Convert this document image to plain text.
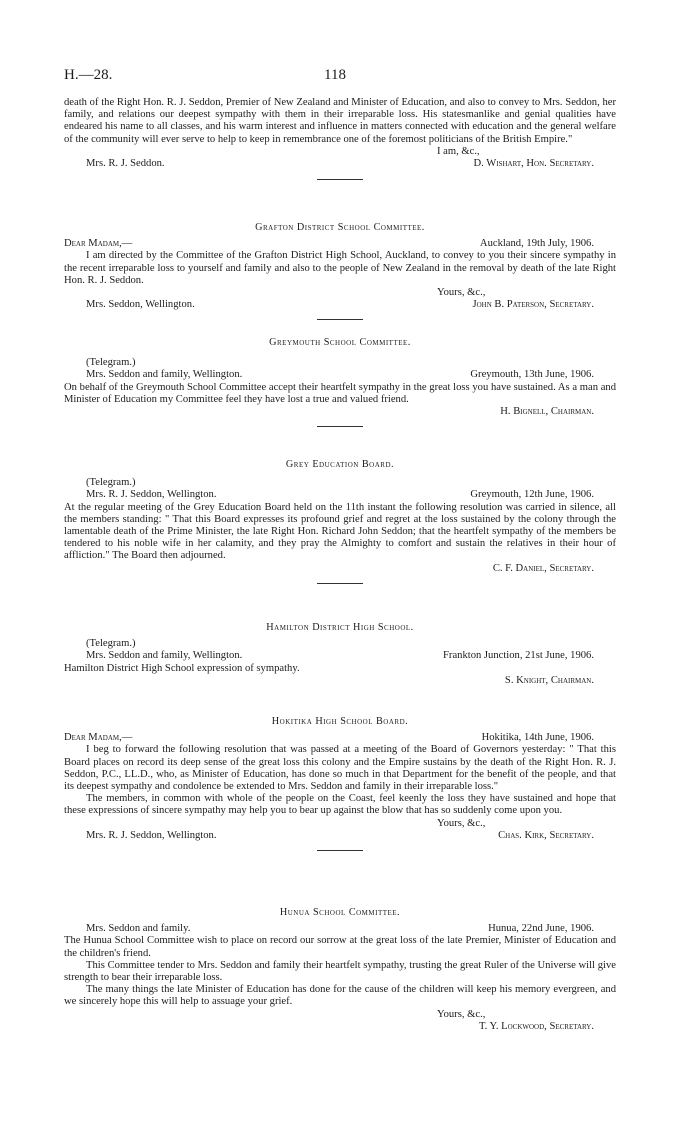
H.—28.	118

death of the Right Hon. R. J. Seddon, Premier of New Zealand and Minister of Education, and also to convey to Mrs. Seddon, her family, and relations our deepest sympathy with them in their irreparable loss. His statesmanlike and genial qualities have endeared his name to all classes, and his warm interest and influence in matters connected with education and the general welfare of the community will ever serve to help to keep in remembrance one of the foremost politicians of the British Empire."

I am, &c.,
Mrs. R. J. Seddon.	D. Wishart, Hon. Secretary.
Grafton District School Committee.
Dear Madam,—	Auckland, 19th July, 1906.

I am directed by the Committee of the Grafton District High School, Auckland, to convey to you their sincere sympathy in the recent irreparable loss to yourself and family and also to the people of New Zealand in the removal by death of the late Right Hon. R. J. Seddon.

Yours, &c.,
Mrs. Seddon, Wellington.	John B. Paterson, Secretary.
Greymouth School Committee.
(Telegram.)
Mrs. Seddon and family, Wellington.	Greymouth, 13th June, 1906.

On behalf of the Greymouth School Committee accept their heartfelt sympathy in the great loss you have sustained. As a man and Minister of Education my Committee feel they have lost a true and valued friend.

H. Bignell, Chairman.
Grey Education Board.
(Telegram.)
Mrs. R. J. Seddon, Wellington.	Greymouth, 12th June, 1906.

At the regular meeting of the Grey Education Board held on the 11th instant the following resolution was carried in silence, all the members standing: " That this Board expresses its profound grief and regret at the loss sustained by the colony through the lamentable death of the Prime Minister, the late Right Hon. Richard John Seddon; that the heartfelt sympathy of the members be tendered to his noble wife in her calamity, and they pray the Almighty to comfort and sustain the relatives in their hour of affliction." The Board then adjourned.

C. F. Daniel, Secretary.
Hamilton District High School.
(Telegram.)
Mrs. Seddon and family, Wellington.	Frankton Junction, 21st June, 1906.

Hamilton District High School expression of sympathy.

S. Knight, Chairman.
Hokitika High School Board.
Dear Madam,—	Hokitika, 14th June, 1906.

I beg to forward the following resolution that was passed at a meeting of the Board of Governors yesterday: " That this Board places on record its deep sense of the great loss this colony and the Empire sustains by the death of the Right Hon. R. J. Seddon, P.C., LL.D., who, as Minister of Education, has done so much in that Department for the benefit of the people, and that its deepest sympathy and condolence be extended to Mrs. Seddon and family in their irreparable loss."

The members, in common with whole of the people on the Coast, feel keenly the loss they have sustained and hope that these expressions of sincere sympathy may help you to bear up against the blow that has so suddenly come upon you.

Yours, &c.,
Mrs. R. J. Seddon, Wellington.	Chas. Kirk, Secretary.
Hunua School Committee.
Mrs. Seddon and family.	Hunua, 22nd June, 1906.

The Hunua School Committee wish to place on record our sorrow at the great loss of the late Premier, Minister of Education and the children's friend.

This Committee tender to Mrs. Seddon and family their heartfelt sympathy, trusting the great Ruler of the Universe will give strength to bear their irreparable loss.

The many things the late Minister of Education has done for the cause of the children will keep his memory evergreen, and we sincerely hope this will help to assuage your grief.

Yours, &c.,
T. Y. Lockwood, Secretary.
